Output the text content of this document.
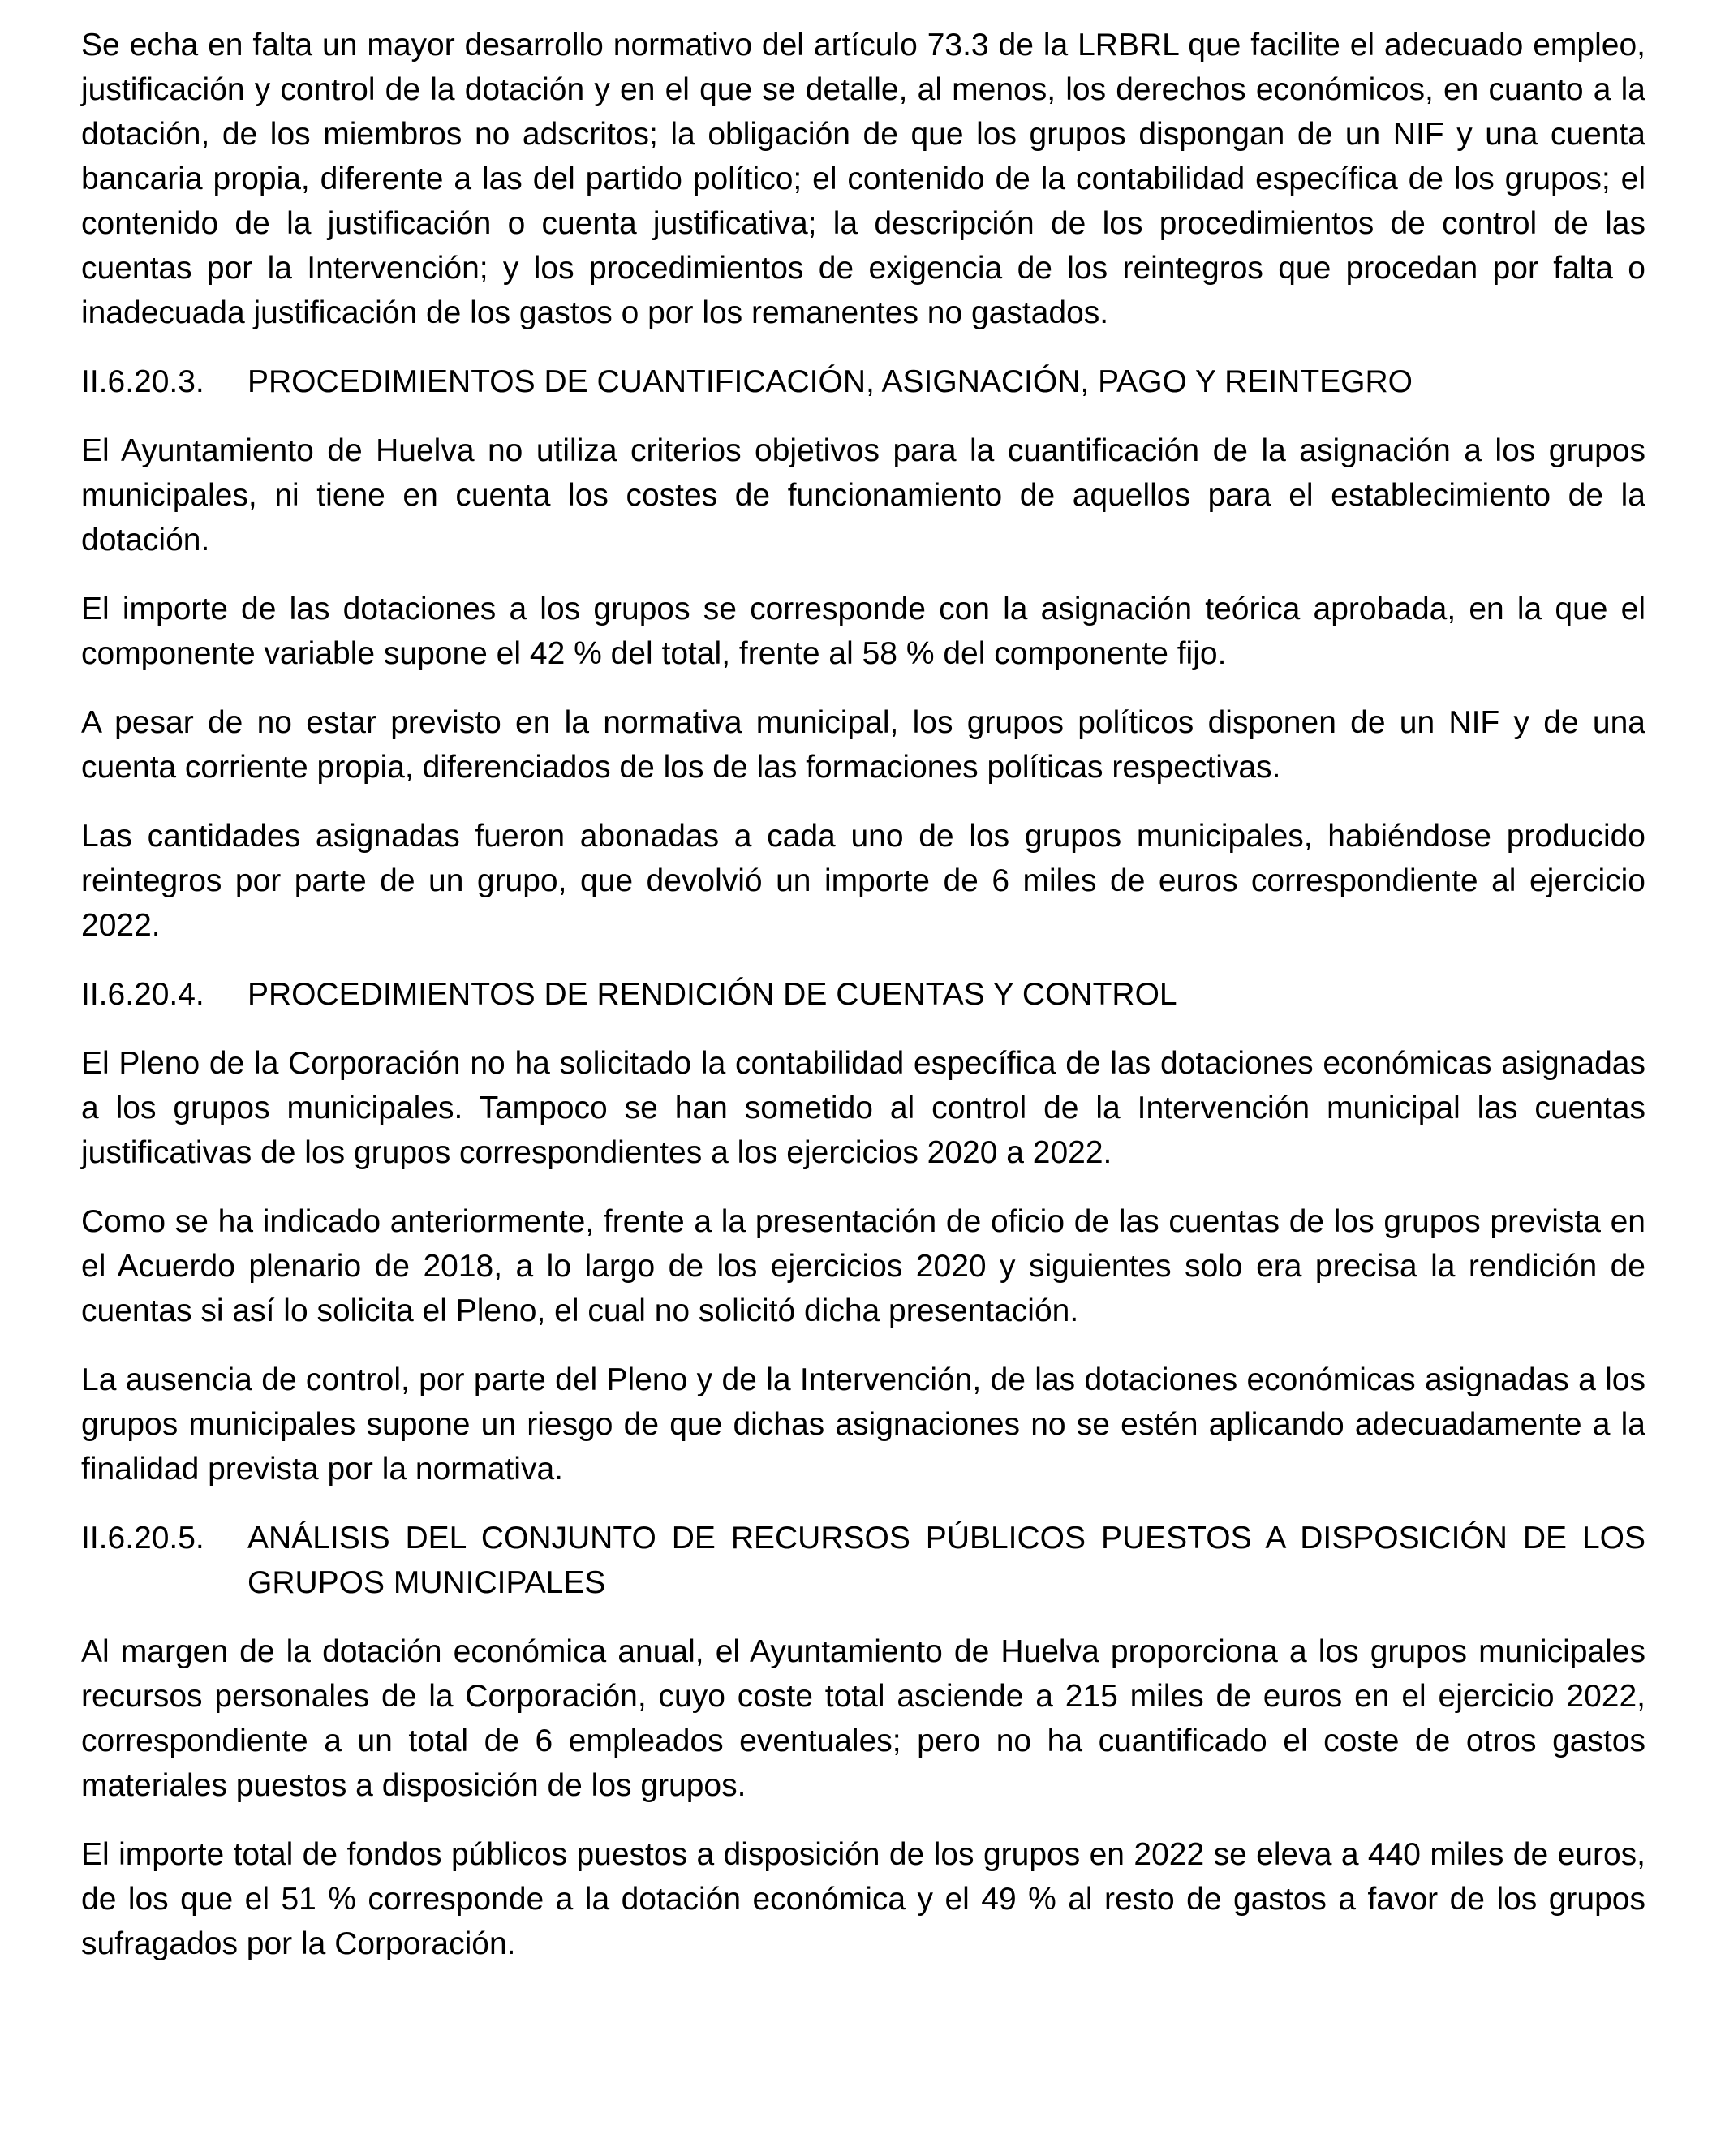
Se echa en falta un mayor desarrollo normativo del artículo 73.3 de la LRBRL que facilite el adecuado empleo, justificación y control de la dotación y en el que se detalle, al menos, los derechos económicos, en cuanto a la dotación, de los miembros no adscritos; la obligación de que los grupos dispongan de un NIF y una cuenta bancaria propia, diferente a las del partido político; el contenido de la contabilidad específica de los grupos; el contenido de la justificación o cuenta justificativa; la descripción de los procedimientos de control de las cuentas por la Intervención; y los procedimientos de exigencia de los reintegros que procedan por falta o inadecuada justificación de los gastos o por los remanentes no gastados.

II.6.20.3. PROCEDIMIENTOS DE CUANTIFICACIÓN, ASIGNACIÓN, PAGO Y REINTEGRO

El Ayuntamiento de Huelva no utiliza criterios objetivos para la cuantificación de la asignación a los grupos municipales, ni tiene en cuenta los costes de funcionamiento de aquellos para el establecimiento de la dotación.

El importe de las dotaciones a los grupos se corresponde con la asignación teórica aprobada, en la que el componente variable supone el 42 % del total, frente al 58 % del componente fijo.

A pesar de no estar previsto en la normativa municipal, los grupos políticos disponen de un NIF y de una cuenta corriente propia, diferenciados de los de las formaciones políticas respectivas.

Las cantidades asignadas fueron abonadas a cada uno de los grupos municipales, habiéndose producido reintegros por parte de un grupo, que devolvió un importe de 6 miles de euros correspondiente al ejercicio 2022.

II.6.20.4. PROCEDIMIENTOS DE RENDICIÓN DE CUENTAS Y CONTROL

El Pleno de la Corporación no ha solicitado la contabilidad específica de las dotaciones económicas asignadas a los grupos municipales. Tampoco se han sometido al control de la Intervención municipal las cuentas justificativas de los grupos correspondientes a los ejercicios 2020 a 2022.

Como se ha indicado anteriormente, frente a la presentación de oficio de las cuentas de los grupos prevista en el Acuerdo plenario de 2018, a lo largo de los ejercicios 2020 y siguientes solo era precisa la rendición de cuentas si así lo solicita el Pleno, el cual no solicitó dicha presentación.

La ausencia de control, por parte del Pleno y de la Intervención, de las dotaciones económicas asignadas a los grupos municipales supone un riesgo de que dichas asignaciones no se estén aplicando adecuadamente a la finalidad prevista por la normativa.

II.6.20.5. ANÁLISIS DEL CONJUNTO DE RECURSOS PÚBLICOS PUESTOS A DISPOSICIÓN DE LOS GRUPOS MUNICIPALES

Al margen de la dotación económica anual, el Ayuntamiento de Huelva proporciona a los grupos municipales recursos personales de la Corporación, cuyo coste total asciende a 215 miles de euros en el ejercicio 2022, correspondiente a un total de 6 empleados eventuales; pero no ha cuantificado el coste de otros gastos materiales puestos a disposición de los grupos.

El importe total de fondos públicos puestos a disposición de los grupos en 2022 se eleva a 440 miles de euros, de los que el 51 % corresponde a la dotación económica y el 49 % al resto de gastos a favor de los grupos sufragados por la Corporación.
